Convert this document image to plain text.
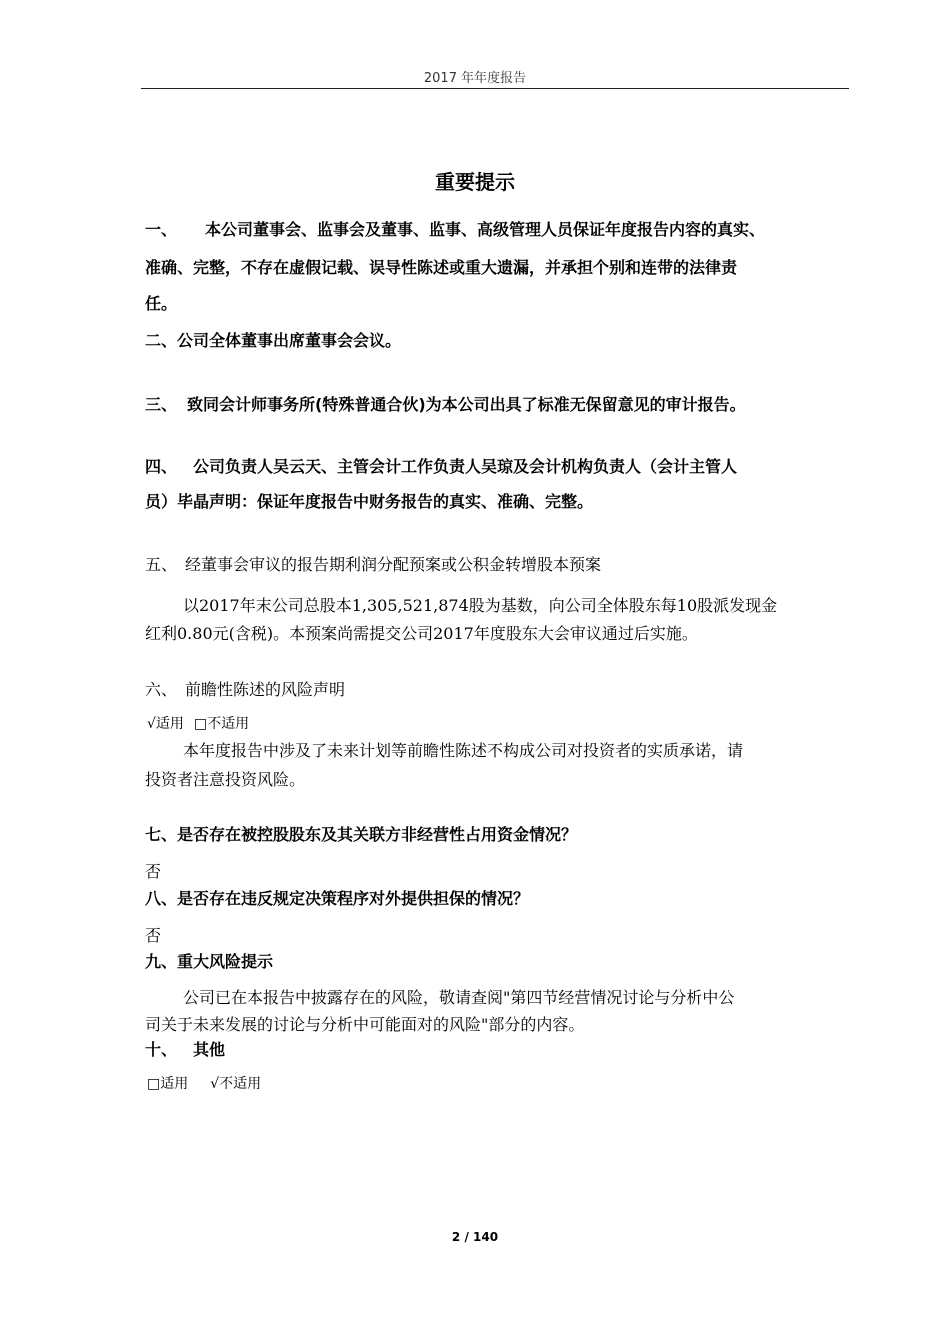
2017 年年度报告
重要提示
一、 本公司董事会、监事会及董事、监事、高级管理人员保证年度报告内容的真实、
准确、完整，不存在虚假记载、误导性陈述或重大遗漏，并承担个别和连带的法律责
任。
二、公司全体董事出席董事会会议。
三、 致同会计师事务所(特殊普通合伙)为本公司出具了标准无保留意见的审计报告。
四、 公司负责人吴云天、主管会计工作负责人吴琼及会计机构负责人（会计主管人
员）毕晶声明：保证年度报告中财务报告的真实、准确、完整。
五、 经董事会审议的报告期利润分配预案或公积金转增股本预案
以2017年末公司总股本1,305,521,874股为基数，向公司全体股东每10股派发现金
红利0.80元(含税)。本预案尚需提交公司2017年度股东大会审议通过后实施。
六、 前瞻性陈述的风险声明
√适用 □不适用
本年度报告中涉及了未来计划等前瞻性陈述不构成公司对投资者的实质承诺，请
投资者注意投资风险。
七、是否存在被控股股东及其关联方非经营性占用资金情况？
否
八、是否存在违反规定决策程序对外提供担保的情况？
否
九、重大风险提示
公司已在本报告中披露存在的风险，敬请查阅"第四节经营情况讨论与分析中公
司关于未来发展的讨论与分析中可能面对的风险"部分的内容。
十、 其他
□适用 √不适用
2 / 140
